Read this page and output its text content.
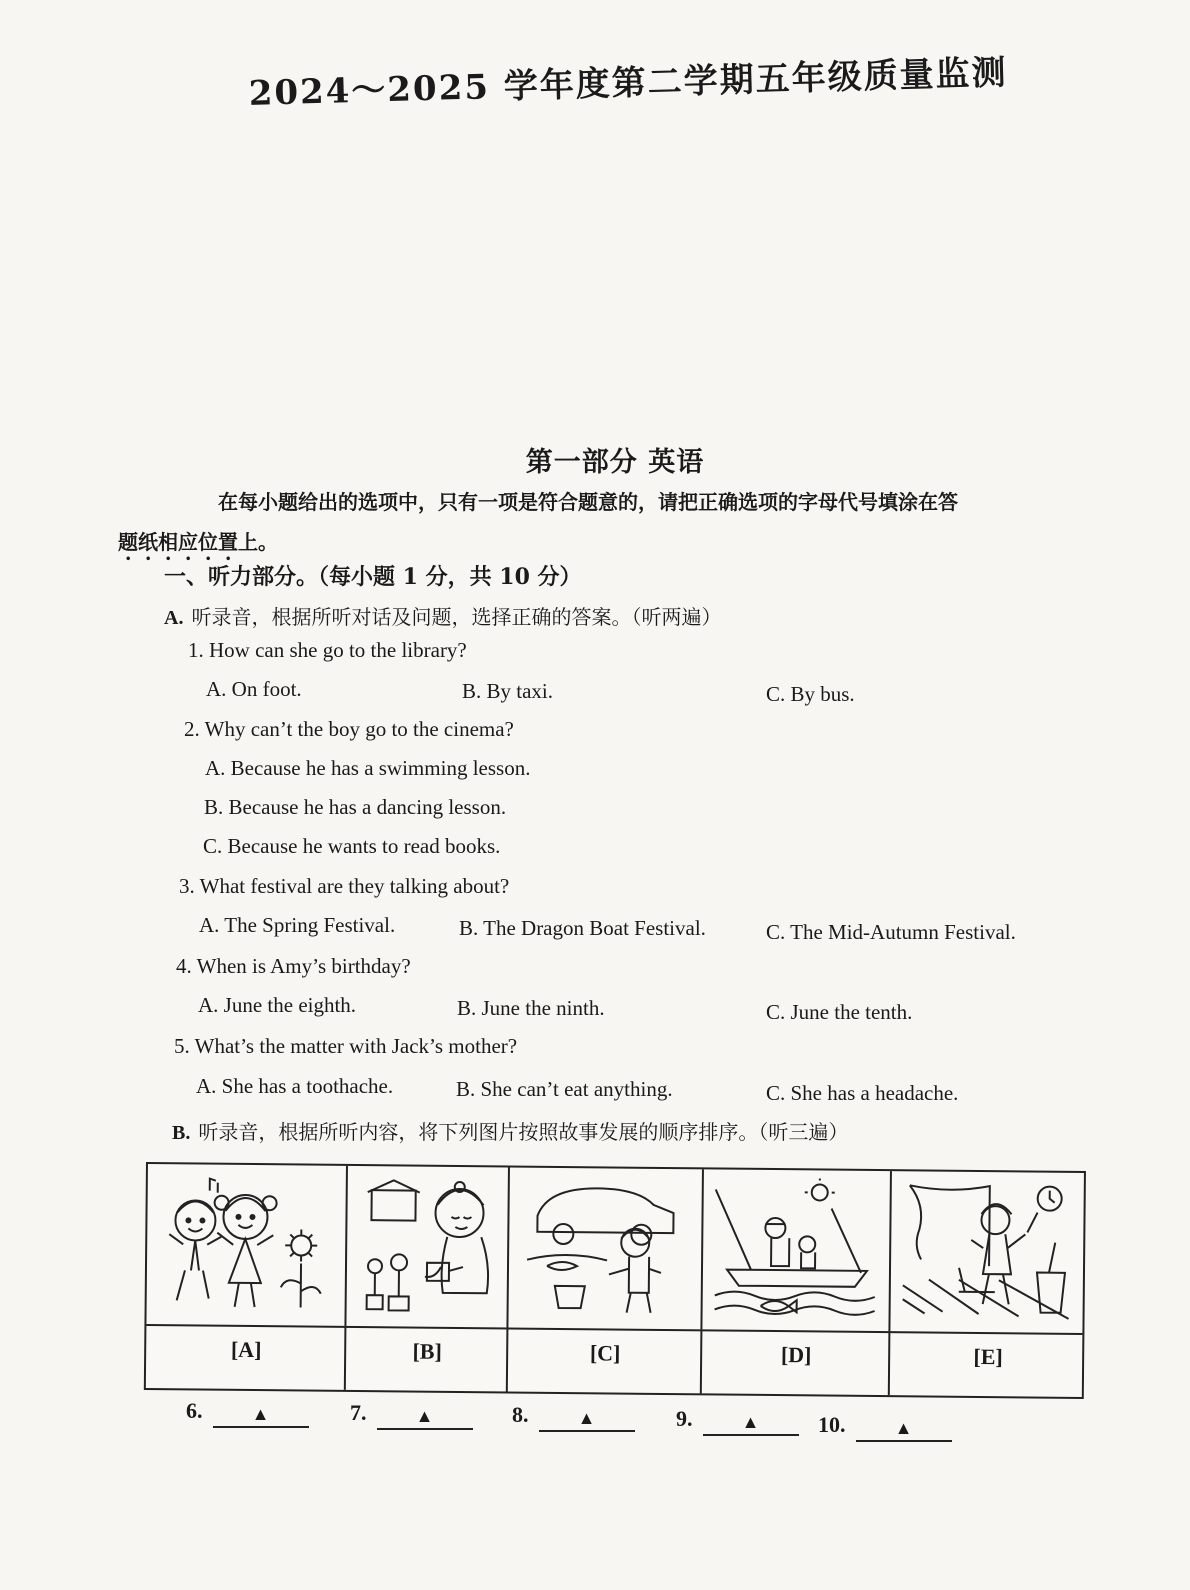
2024～2025 学年度第二学期五年级质量监测
第一部分 英语
在每小题给出的选项中，只有一项是符合题意的，请把正确选项的字母代号填涂在答
题纸相应位置上。
一、听力部分。（每小题 1 分，共 10 分）
A. 听录音，根据所听对话及问题，选择正确的答案。（听两遍）
1. How can she go to the library?
A. On foot.	B. By taxi.	C. By bus.
2. Why can’t the boy go to the cinema?
A. Because he has a swimming lesson.
B. Because he has a dancing lesson.
C. Because he wants to read books.
3. What festival are they talking about?
A. The Spring Festival.	B. The Dragon Boat Festival.	C. The Mid-Autumn Festival.
4. When is Amy’s birthday?
A. June the eighth.	B. June the ninth.	C. June the tenth.
5. What’s the matter with Jack’s mother?
A. She has a toothache.	B. She can’t eat anything.	C. She has a headache.
B. 听录音，根据所听内容，将下列图片按照故事发展的顺序排序。（听三遍）
[A]	[B]	[C]	[D]	[E]
6.	▲	7.	▲	8.	▲	9.	▲	10.	▲
